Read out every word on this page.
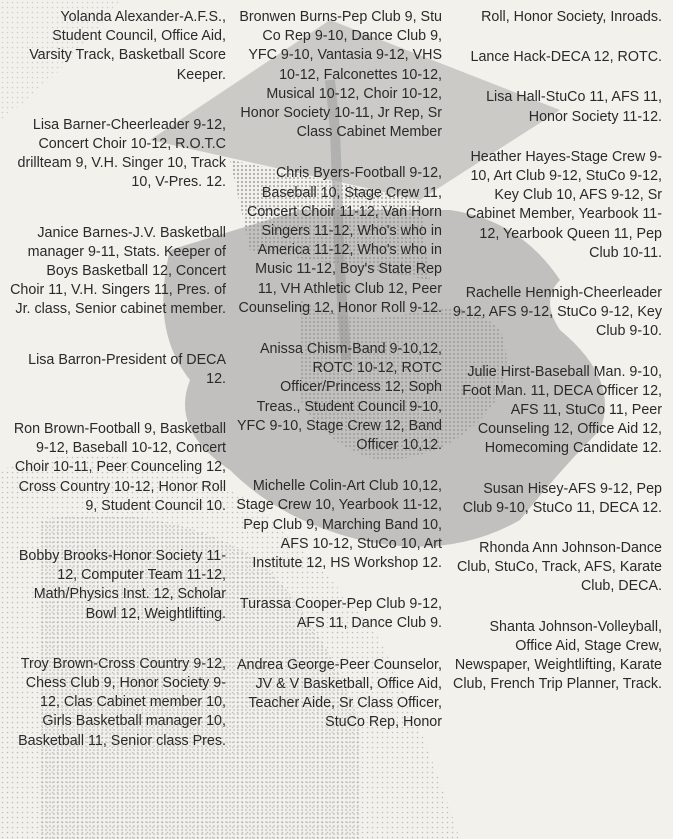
Yolanda Alexander-A.F.S., Student Council, Office Aid, Varsity Track, Basketball Score Keeper.

Lisa Barner-Cheerleader 9-12, Concert Choir 10-12, R.O.T.C drillteam 9, V.H. Singer 10, Track 10, V-Pres. 12.

Janice Barnes-J.V. Basketball manager 9-11, Stats. Keeper of Boys Basketball 12, Concert Choir 11, V.H. Singers 11, Pres. of Jr. class, Senior cabinet member.

Lisa Barron-President of DECA 12.

Ron Brown-Football 9, Basketball 9-12, Baseball 10-12, Concert Choir 10-11, Peer Counceling 12, Cross Country 10-12, Honor Roll 9, Student Council 10.

Bobby Brooks-Honor Society 11-12, Computer Team 11-12, Math/Physics Inst. 12, Scholar Bowl 12, Weightlifting.

Troy Brown-Cross Country 9-12, Chess Club 9, Honor Society 9-12, Clas Cabinet member 10, Girls Basketball manager 10, Basketball 11, Senior class Pres.

Bronwen Burns-Pep Club 9, Stu Co Rep 9-10, Dance Club 9, YFC 9-10, Vantasia 9-12, VHS 10-12, Falconettes 10-12, Musical 10-12, Choir 10-12, Honor Society 10-11, Jr Rep, Sr Class Cabinet Member

Chris Byers-Football 9-12, Baseball 10, Stage Crew 11, Concert Choir 11-12, Van Horn Singers 11-12, Who's who in America 11-12, Who's who in Music 11-12, Boy's State Rep 11, VH Athletic Club 12, Peer Counseling 12, Honor Roll 9-12.

Anissa Chism-Band 9-10,12, ROTC 10-12, ROTC Officer/Princess 12, Soph Treas., Student Council 9-10, YFC 9-10, Stage Crew 12, Band Officer 10,12.

Michelle Colin-Art Club 10,12, Stage Crew 10, Yearbook 11-12, Pep Club 9, Marching Band 10, AFS 10-12, StuCo 10, Art Institute 12, HS Workshop 12.

Turassa Cooper-Pep Club 9-12, AFS 11, Dance Club 9.

Andrea George-Peer Counselor, JV & V Basketball, Office Aid, Teacher Aide, Sr Class Officer, StuCo Rep, Honor

Roll, Honor Society, Inroads.

Lance Hack-DECA 12, ROTC.

Lisa Hall-StuCo 11, AFS 11, Honor Society 11-12.

Heather Hayes-Stage Crew 9-10, Art Club 9-12, StuCo 9-12, Key Club 10, AFS 9-12, Sr Cabinet Member, Yearbook 11-12, Yearbook Queen 11, Pep Club 10-11.

Rachelle Hennigh-Cheerleader 9-12, AFS 9-12, StuCo 9-12, Key Club 9-10.

Julie Hirst-Baseball Man. 9-10, Foot Man. 11, DECA Officer 12, AFS 11, StuCo 11, Peer Counseling 12, Office Aid 12, Homecoming Candidate 12.

Susan Hisey-AFS 9-12, Pep Club 9-10, StuCo 11, DECA 12.

Rhonda Ann Johnson-Dance Club, StuCo, Track, AFS, Karate Club, DECA.

Shanta Johnson-Volleyball, Office Aid, Stage Crew, Newspaper, Weightlifting, Karate Club, French Trip Planner, Track.
